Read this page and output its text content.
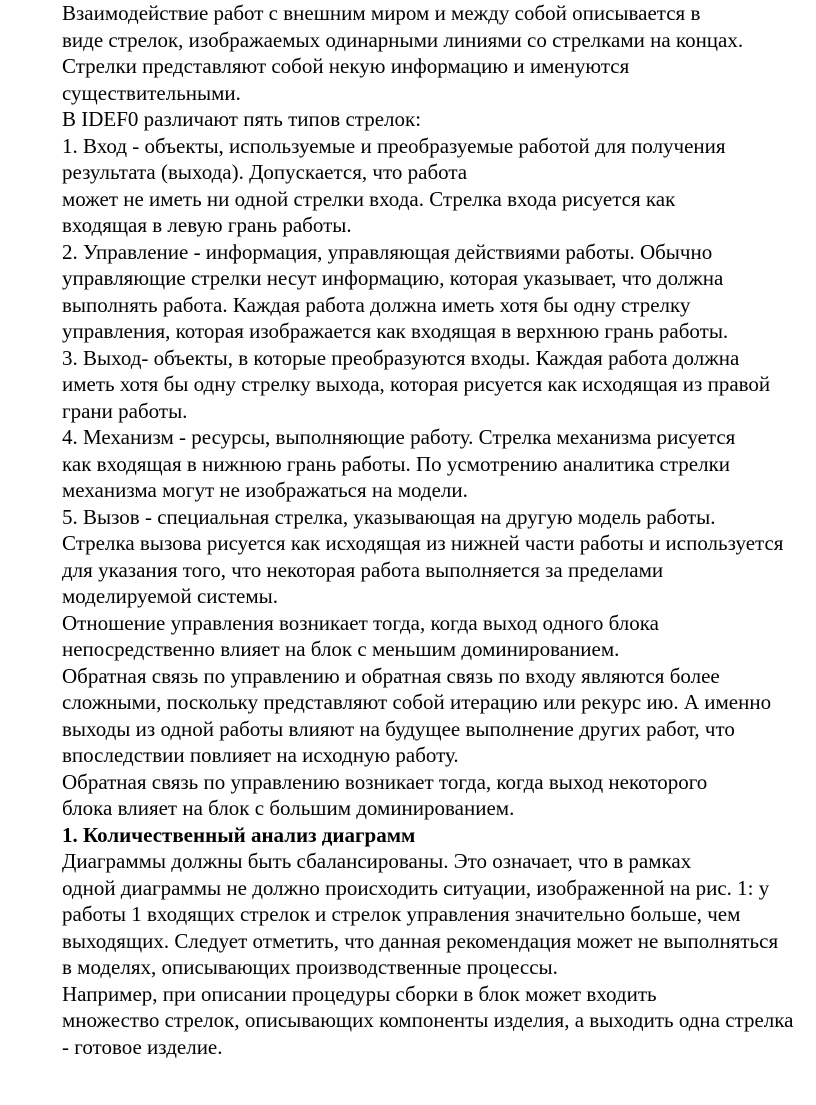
Взаимодействие работ с внешним миром и между собой описывается в
виде стрелок, изображаемых одинарными линиями со стрелками на концах.

Стрелки представляют собой некую информацию и именуются
существительными.

В IDEF0 различают пять типов стрелок:

1. Вход - объекты, используемые и преобразуемые работой для получения
результата (выхода). Допускается, что работа

может не иметь ни одной стрелки входа. Стрелка входа рисуется как
входящая в левую грань работы.

2. Управление - информация, управляющая действиями работы. Обычно
управляющие стрелки несут информацию, которая указывает, что должна
выполнять работа. Каждая работа должна иметь хотя бы одну стрелку
управления, которая изображается как входящая в верхнюю грань работы.

3. Выход- объекты, в которые преобразуются входы. Каждая работа должна
иметь хотя бы одну стрелку выхода, которая рисуется как исходящая из правой
грани работы.

4. Механизм - ресурсы, выполняющие работу. Стрелка механизма рисуется
как входящая в нижнюю грань работы. По усмотрению аналитика стрелки
механизма могут не изображаться на модели.

5. Вызов - специальная стрелка, указывающая на другую модель работы.
Стрелка вызова рисуется как исходящая из нижней части работы и используется
для указания того, что некоторая работа выполняется за пределами
моделируемой системы.

Отношение управления возникает тогда, когда выход одного блока
непосредственно влияет на блок с меньшим доминированием.

Обратная связь по управлению и обратная связь по входу являются более
сложными, поскольку представляют собой итерацию или рекурс ию. А именно
выходы из одной работы влияют на будущее выполнение других работ, что
впоследствии повлияет на исходную работу.

Обратная связь по управлению возникает тогда, когда выход некоторого
блока влияет на блок с большим доминированием.

1. Количественный анализ диаграмм

Диаграммы должны быть сбалансированы. Это означает, что в рамках
одной диаграммы не должно происходить ситуации, изображенной на рис. 1: у
работы 1 входящих стрелок и стрелок управления значительно больше, чем
выходящих. Следует отметить, что данная рекомендация может не выполняться
в моделях, описывающих производственные процессы.

Например, при описании процедуры сборки в блок может входить
множество стрелок, описывающих компоненты изделия, а выходить одна стрелка
- готовое изделие.
